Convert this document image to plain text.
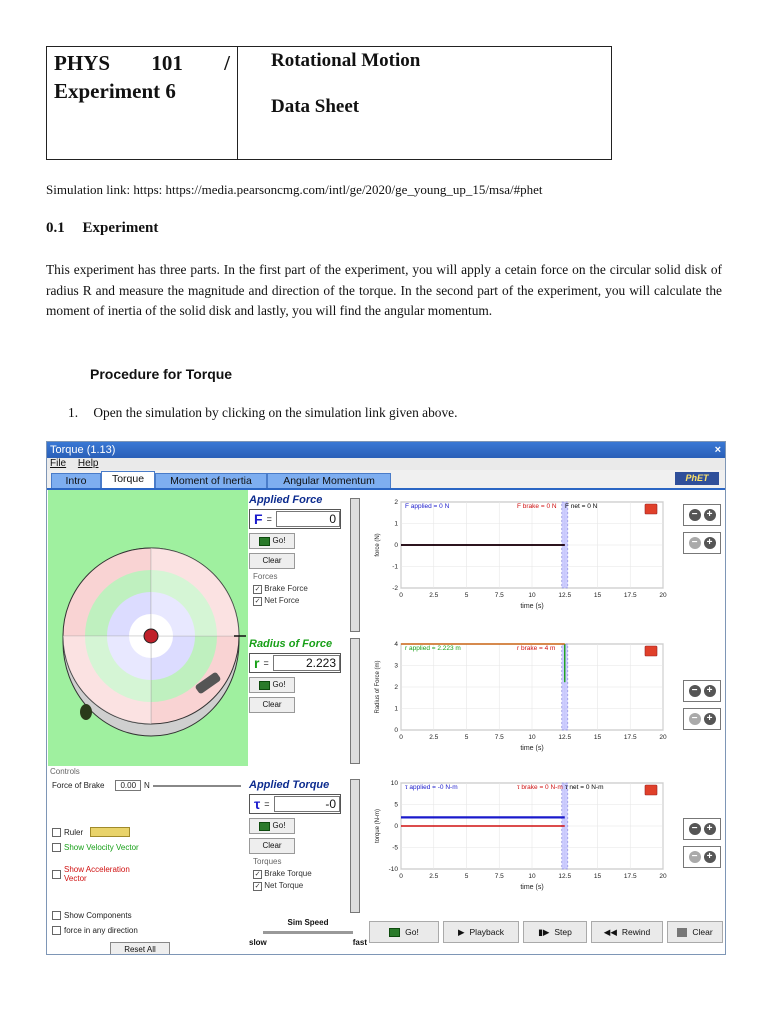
PHYS 101 /
Experiment 6
Rotational Motion
Data Sheet
Simulation link: https: https://media.pearsoncmg.com/intl/ge/2020/ge_young_up_15/msa/#phet
0.1 Experiment
This experiment has three parts. In the first part of the experiment, you will apply a cetain force on the circular solid disk of radius R and measure the magnitude and direction of the torque. In the second part of the experiment, you will calculate the moment of inertia of the solid disk and lastly, you will find the angular momentum.
Procedure for Torque
1. Open the simulation by clicking on the simulation link given above.
Torque (1.13)	×
File Help
Intro	Torque	Moment of Inertia	Angular Momentum	PhET
Controls
Force of Brake	0.00	N
Ruler
Show Velocity Vector
Show Acceleration Vector
Show Components
force in any direction
Reset All
Applied Force
F =	0
Go!
Clear
Forces
✓ Brake Force
✓ Net Force
Radius of Force
r =	2.223
Go!
Clear
Applied Torque
τ =	-0
Go!
Clear
Torques
✓ Brake Torque
✓ Net Torque
Sim Speed
slow	fast
0	2.5	5	7.5	10	12.5	15	17.5	20
2
1
0
-1
-2
time (s)
force (N)
F applied = 0 N	F brake = 0 N F net = 0 N
0	2.5	5	7.5	10	12.5	15	17.5	20
4
3
2
1
0
time (s)
Radius of Force (m)
r applied = 2.223 m	r brake = 4 m
0	2.5	5	7.5	10	12.5	15	17.5	20
10
5
0
-5
-10
time (s)
torque (N-m)
τ applied = -0 N-m	τ brake = 0 N-m τ net = 0 N-m
− +
− +
− +
− +
− +
− +
Go!	▶ Playback	▮▶ Step	◀◀ Rewind	Clear
